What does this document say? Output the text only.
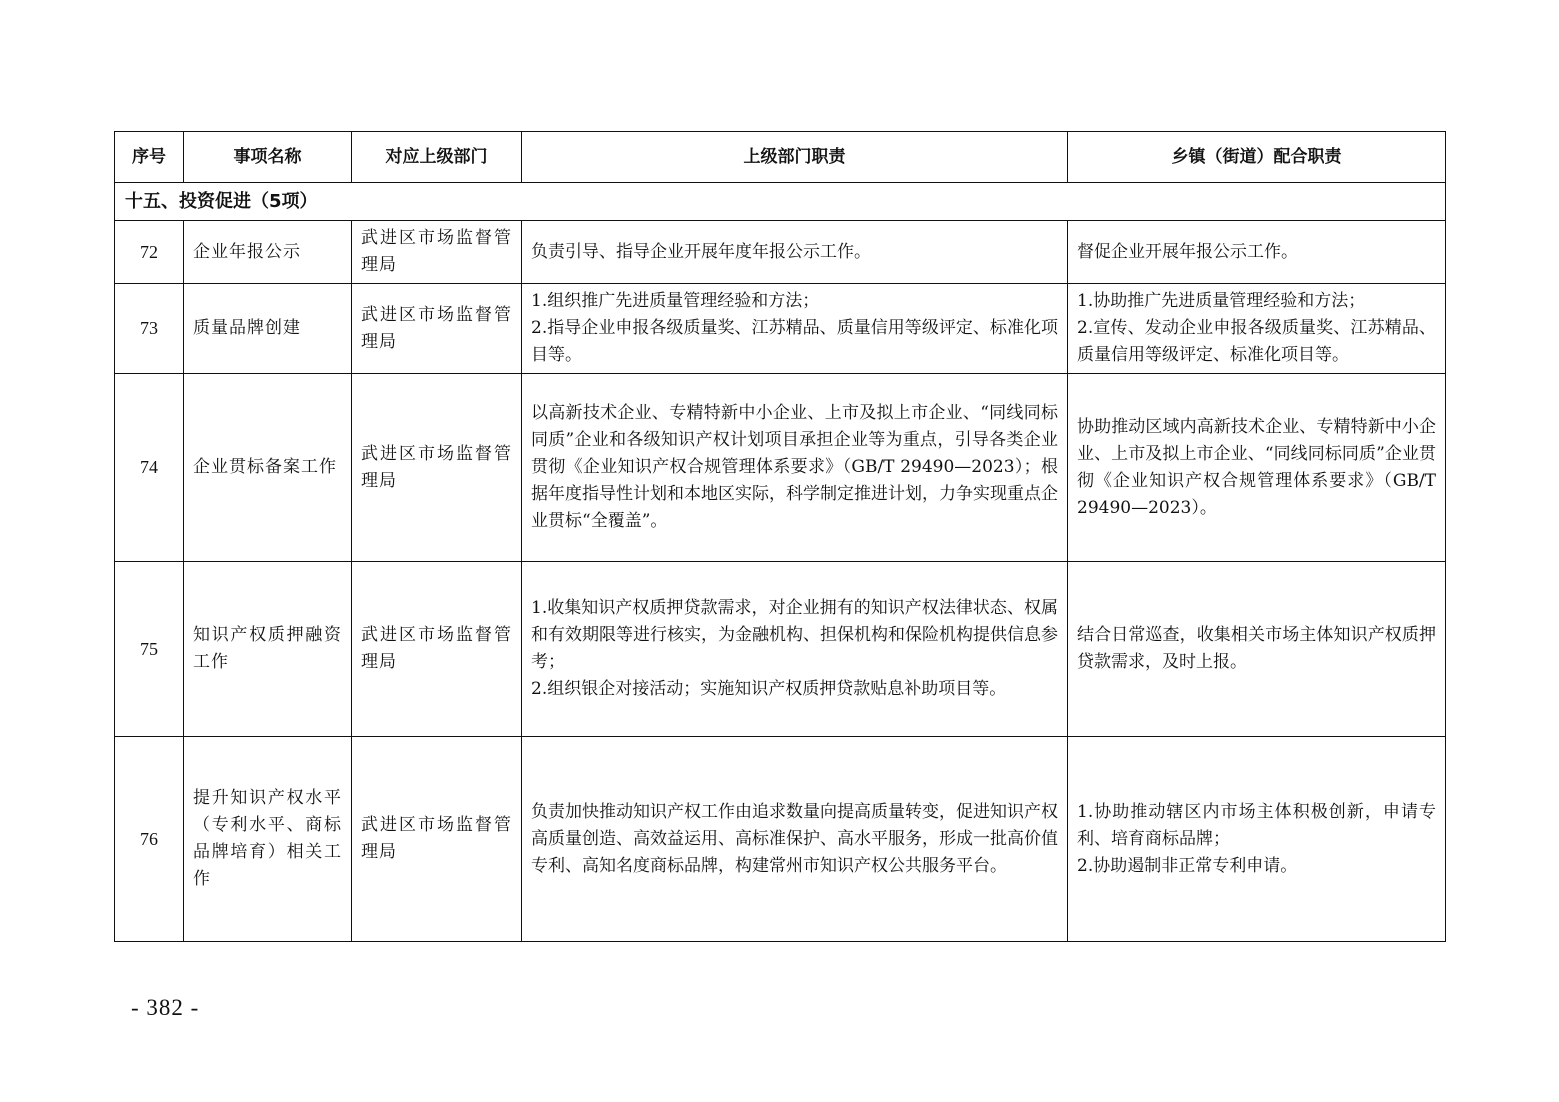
序号	事项名称	对应上级部门	上级部门职责	乡镇（街道）配合职责
十五、投资促进（5项）				
72	企业年报公示	武进区市场监督管理局	负责引导、指导企业开展年度年报公示工作。	督促企业开展年报公示工作。

73	质量品牌创建	武进区市场监督管理局	1.组织推广先进质量管理经验和方法；
2.指导企业申报各级质量奖、江苏精品、质量信用等级评定、标准化项目等。	1.协助推广先进质量管理经验和方法；
2.宣传、发动企业申报各级质量奖、江苏精品、质量信用等级评定、标准化项目等。

74	企业贯标备案工作	武进区市场监督管理局	以高新技术企业、专精特新中小企业、上市及拟上市企业、“同线同标同质”企业和各级知识产权计划项目承担企业等为重点，引导各类企业贯彻《企业知识产权合规管理体系要求》（GB/T 29490—2023）；根据年度指导性计划和本地区实际，科学制定推进计划，力争实现重点企业贯标“全覆盖”。	协助推动区域内高新技术企业、专精特新中小企业、上市及拟上市企业、“同线同标同质”企业贯彻《企业知识产权合规管理体系要求》（GB/T 29490—2023）。

75	知识产权质押融资工作	武进区市场监督管理局	1.收集知识产权质押贷款需求，对企业拥有的知识产权法律状态、权属和有效期限等进行核实，为金融机构、担保机构和保险机构提供信息参考；
2.组织银企对接活动；实施知识产权质押贷款贴息补助项目等。	结合日常巡查，收集相关市场主体知识产权质押贷款需求，及时上报。

76	提升知识产权水平（专利水平、商标品牌培育）相关工作	武进区市场监督管理局	负责加快推动知识产权工作由追求数量向提高质量转变，促进知识产权高质量创造、高效益运用、高标准保护、高水平服务，形成一批高价值专利、高知名度商标品牌，构建常州市知识产权公共服务平台。	1.协助推动辖区内市场主体积极创新，申请专利、培育商标品牌；
2.协助遏制非正常专利申请。
- 382 -
